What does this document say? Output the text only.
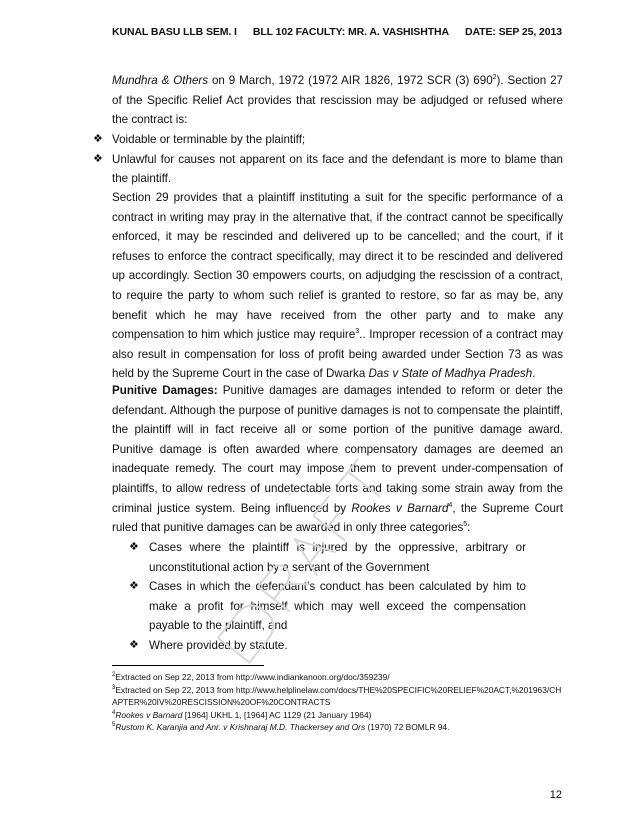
KUNAL BASU LLB SEM. I BLL 102 FACULTY: MR. A. VASHISHTHA DATE: SEP 25, 2013
Mundhra & Others on 9 March, 1972 (1972 AIR 1826, 1972 SCR (3) $690^2$). Section 27 of the Specific Relief Act provides that rescission may be adjudged or refused where the contract is:
❖ Voidable or terminable by the plaintiff;
❖ Unlawful for causes not apparent on its face and the defendant is more to blame than the plaintiff.
Section 29 provides that a plaintiff instituting a suit for the specific performance of a contract in writing may pray in the alternative that, if the contract cannot be specifically enforced, it may be rescinded and delivered up to be cancelled; and the court, if it refuses to enforce the contract specifically, may direct it to be rescinded and delivered up accordingly. Section 30 empowers courts, on adjudging the rescission of a contract, to require the party to whom such relief is granted to restore, so far as may be, any benefit which he may have received from the other party and to make any compensation to him which justice may require$^3$.. Improper recession of a contract may also result in compensation for loss of profit being awarded under Section 73 as was held by the Supreme Court in the case of Dwarka Das v State of Madhya Pradesh.
Punitive Damages: Punitive damages are damages intended to reform or deter the defendant. Although the purpose of punitive damages is not to compensate the plaintiff, the plaintiff will in fact receive all or some portion of the punitive damage award. Punitive damage is often awarded where compensatory damages are deemed an inadequate remedy. The court may impose them to prevent under-compensation of plaintiffs, to allow redress of undetectable torts and taking some strain away from the criminal justice system. Being influenced by Rookes v Barnard$^4$, the Supreme Court ruled that punitive damages can be awarded in only three categories$^5$:
❖ Cases where the plaintiff is injured by the oppressive, arbitrary or unconstitutional action by a servant of the Government
❖ Cases in which the defendant’s conduct has been calculated by him to make a profit for himself which may well exceed the compensation payable to the plaintiff, and
❖ Where provided by statute.
$^2$Extracted on Sep 22, 2013 from http://www.indiankanoon.org/doc/359239/
$^3$Extracted on Sep 22, 2013 from http://www.helplinelaw.com/docs/THE%20SPECIFIC%20RELIEF%20ACT,%201963/CHAPTER%20IV%20RESCISSION%20OF%20CONTRACTS
$^4$Rookes v Barnard [1964] UKHL 1, [1964] AC 1129 (21 January 1964)
$^5$Rustom K. Karanjia and Anr. v Krishnaraj M.D. Thackersey and Ors (1970) 72 BOMLR 94.
12
